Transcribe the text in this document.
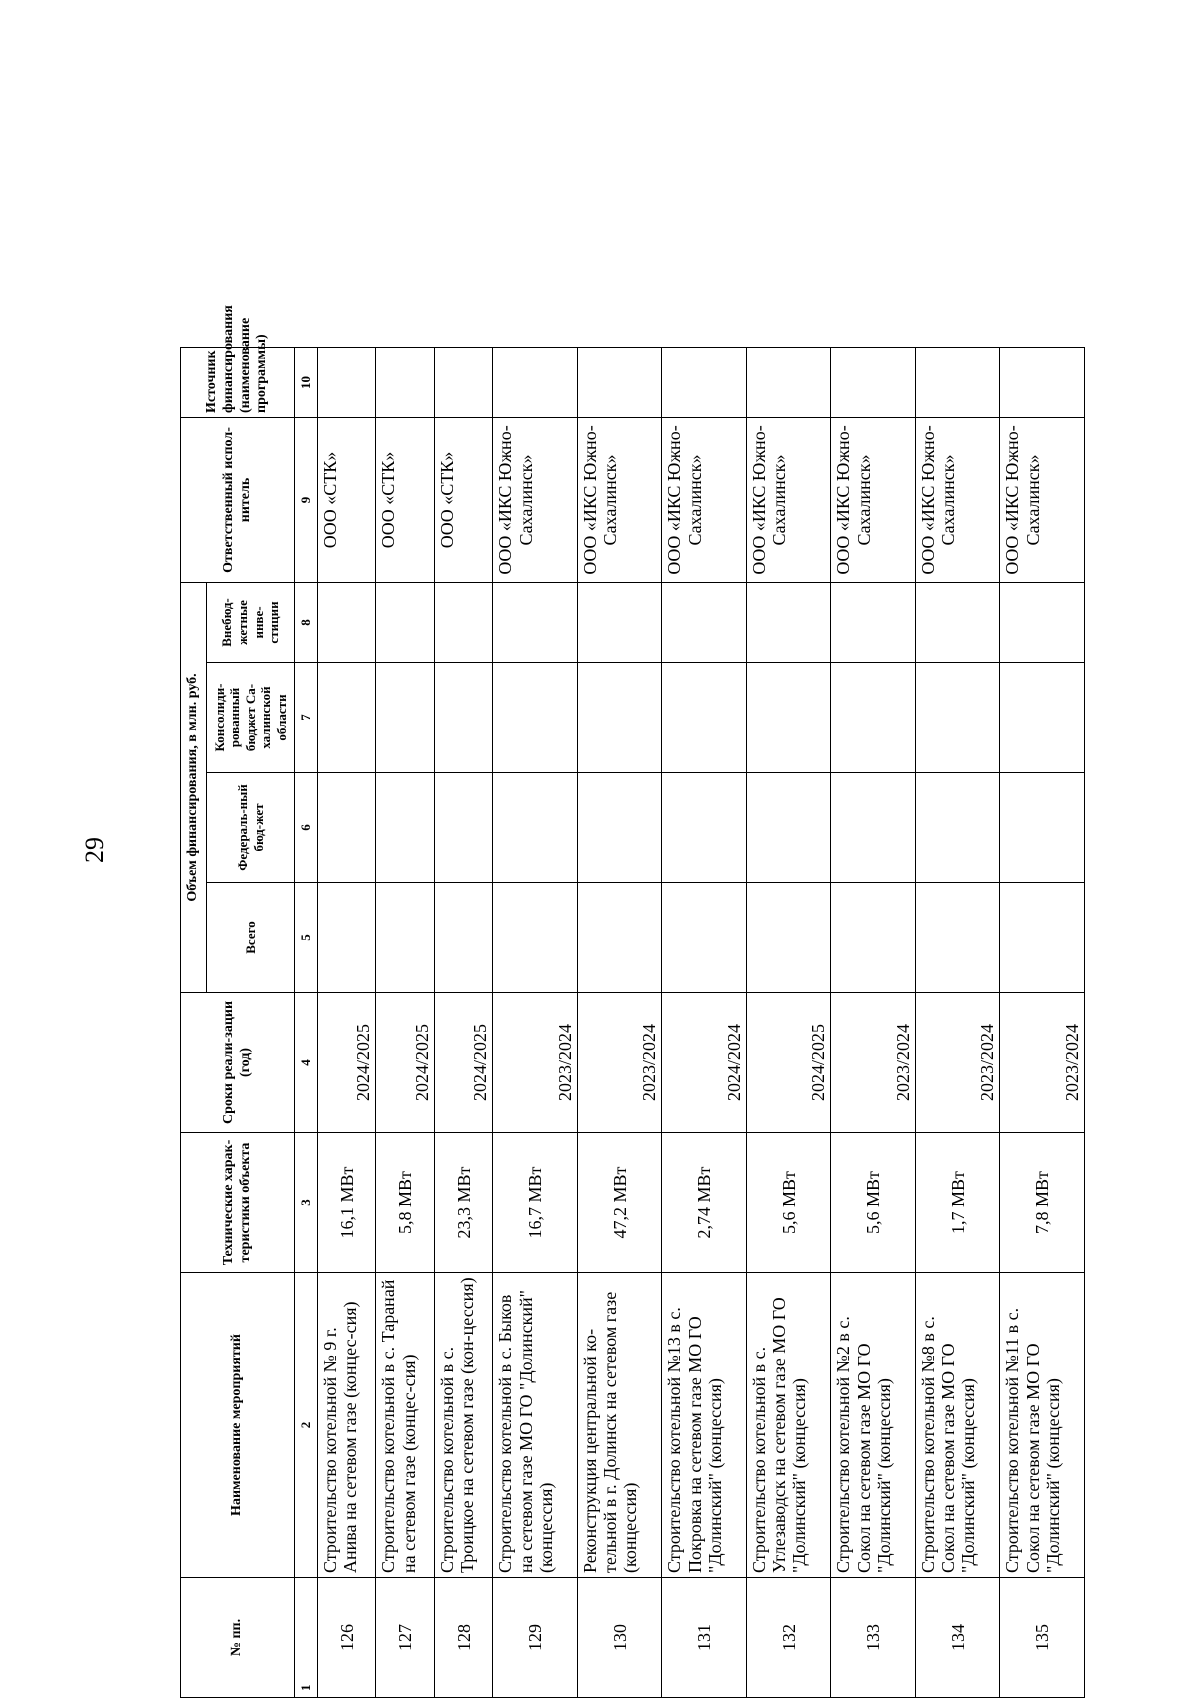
29
№ пп.	Наименование мероприятий	Технические харак-теристики объекта	Сроки реали-зации (год)	Объем финансирования, в млн. руб.				Ответственный испол-нитель	Источник финансирования (наименование программы)
				Всего	Федераль-ный бюд-жет	Консолиди-рованный бюджет Са-халинской области	Внебюд-жетные инве-стиции		
1	2	3	4	5	6	7	8	9	10
126	Строительство котельной № 9 г. Анива на сетевом газе (концес-сия)	16,1 МВт	2024/2025					ООО «СТК»	
127	Строительство котельной в с. Таранай на сетевом газе (концес-сия)	5,8 МВт	2024/2025					ООО «СТК»	
128	Строительство котельной в с. Троицкое на сетевом газе (кон-цессия)	23,3 МВт	2024/2025					ООО «СТК»	
129	Строительство котельной в с. Быков на сетевом газе МО ГО "Долинский" (концессия)	16,7 МВт	2023/2024					ООО «ИКС Южно-Сахалинск»	
130	Реконструкция центральной ко-тельной в г. Долинск на сетевом газе (концессия)	47,2 МВт	2023/2024					ООО «ИКС Южно-Сахалинск»	
131	Строительство котельной №13 в с. Покровка на сетевом газе МО ГО "Долинский" (концессия)	2,74 МВт	2024/2024					ООО «ИКС Южно-Сахалинск»	
132	Строительство котельной в с. Углезаводск на сетевом газе МО ГО "Долинский" (концессия)	5,6 МВт	2024/2025					ООО «ИКС Южно-Сахалинск»	
133	Строительство котельной №2 в с. Сокол на сетевом газе МО ГО "Долинский" (концессия)	5,6 МВт	2023/2024					ООО «ИКС Южно-Сахалинск»	
134	Строительство котельной №8 в с. Сокол на сетевом газе МО ГО "Долинский" (концессия)	1,7 МВт	2023/2024					ООО «ИКС Южно-Сахалинск»	
135	Строительство котельной №11 в с. Сокол на сетевом газе МО ГО "Долинский" (концессия)	7,8 МВт	2023/2024					ООО «ИКС Южно-Сахалинск»	
